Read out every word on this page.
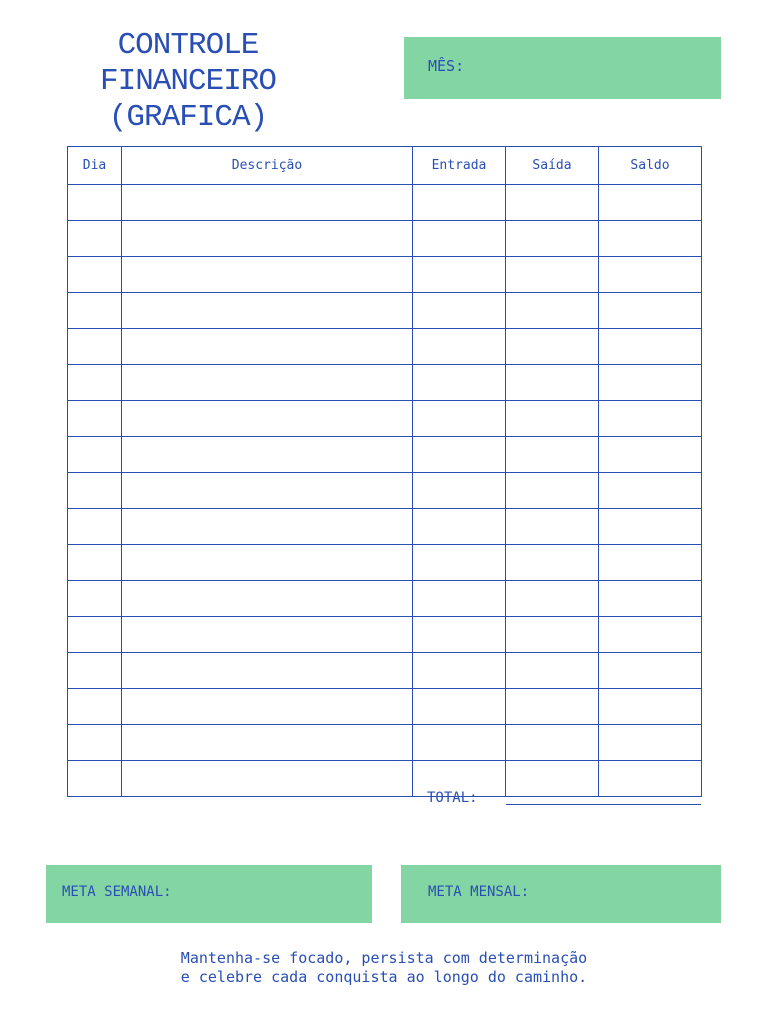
CONTROLE
FINANCEIRO
(GRAFICA)
MÊS:
Dia	Descrição	Entrada	Saída	Saldo

TOTAL:
META SEMANAL:	META MENSAL:
Mantenha-se focado, persista com determinação
e celebre cada conquista ao longo do caminho.
